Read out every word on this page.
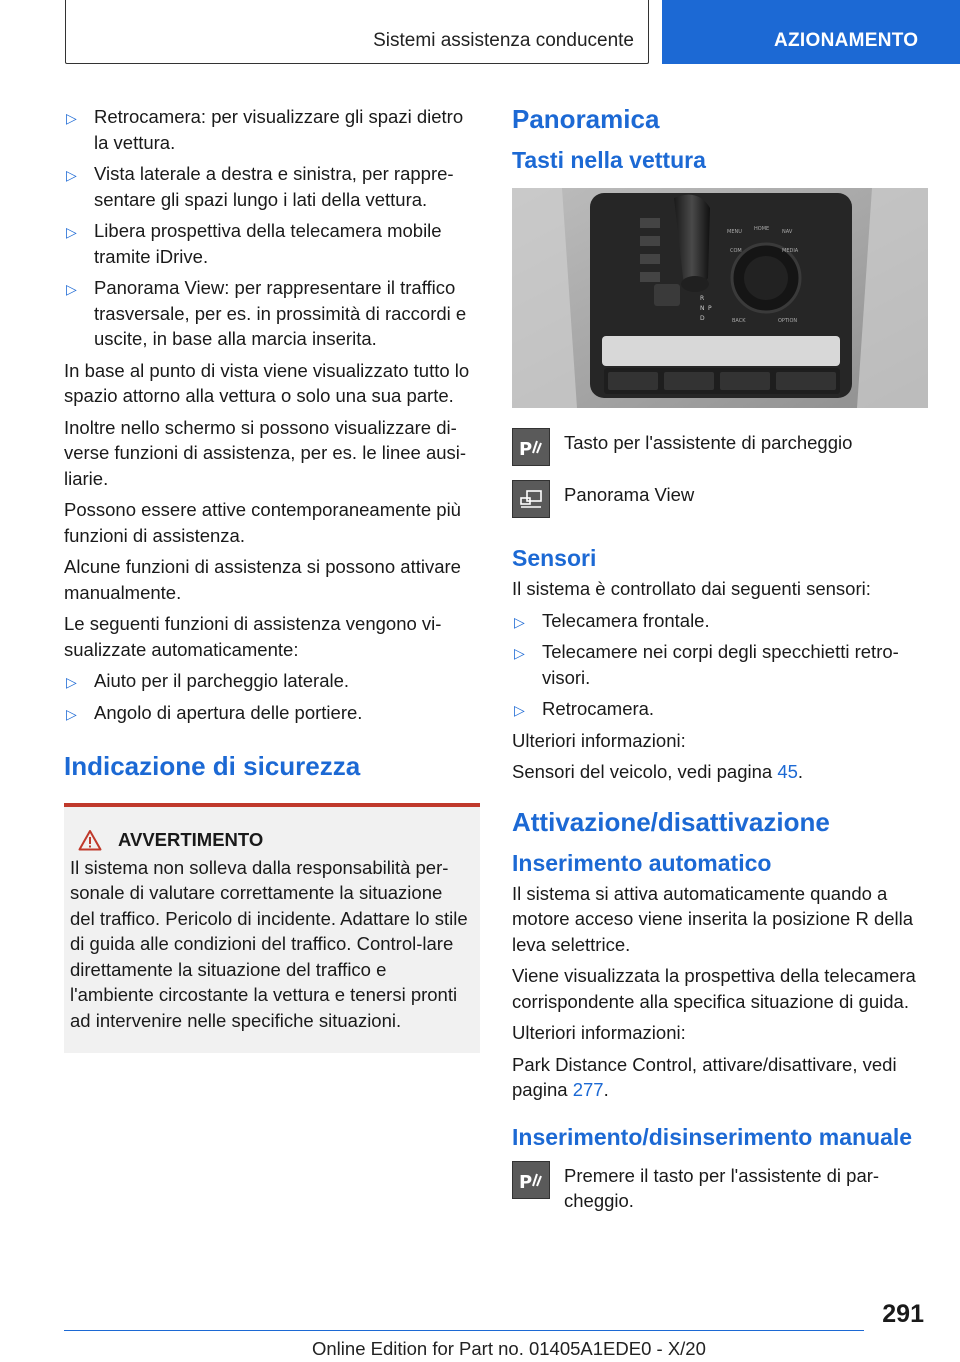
Sistemi assistenza conducente	AZIONAMENTO
▷ Retrocamera: per visualizzare gli spazi dietro la vettura.
▷ Vista laterale a destra e sinistra, per rappre-sentare gli spazi lungo i lati della vettura.
▷ Libera prospettiva della telecamera mobile tramite iDrive.
▷ Panorama View: per rappresentare il traffico trasversale, per es. in prossimità di raccordi e uscite, in base alla marcia inserita.

In base al punto di vista viene visualizzato tutto lo spazio attorno alla vettura o solo una sua parte.

Inoltre nello schermo si possono visualizzare di-verse funzioni di assistenza, per es. le linee ausi-liarie.

Possono essere attive contemporaneamente più funzioni di assistenza.

Alcune funzioni di assistenza si possono attivare manualmente.

Le seguenti funzioni di assistenza vengono vi-sualizzate automaticamente:

▷ Aiuto per il parcheggio laterale.
▷ Angolo di apertura delle portiere.
Indicazione di sicurezza
AVVERTIMENTO

Il sistema non solleva dalla responsabilità per-sonale di valutare correttamente la situazione del traffico. Pericolo di incidente. Adattare lo stile di guida alle condizioni del traffico. Control-lare direttamente la situazione del traffico e l'ambiente circostante la vettura e tenersi pronti ad intervenire nelle specifiche situazioni.

Panoramica
Tasti nella vettura
MENU HOME	NAV
COM	MEDIA
BACK	OPTION
R
N
D
P
P Tasto per l'assistente di parcheggio
Panorama View
Sensori

Il sistema è controllato dai seguenti sensori:

▷ Telecamera frontale.
▷ Telecamere nei corpi degli specchietti retro-visori.
▷ Retrocamera.

Ulteriori informazioni:

Sensori del veicolo, vedi pagina 45.

Attivazione/disattivazione
Inserimento automatico

Il sistema si attiva automaticamente quando a motore acceso viene inserita la posizione R della leva selettrice.

Viene visualizzata la prospettiva della telecamera corrispondente alla specifica situazione di guida.

Ulteriori informazioni:

Park Distance Control, attivare/disattivare, vedi pagina 277.

Inserimento/disinserimento manuale
P Premere il tasto per l'assistente di par-cheggio.
291
Online Edition for Part no. 01405A1EDE0 - X/20
